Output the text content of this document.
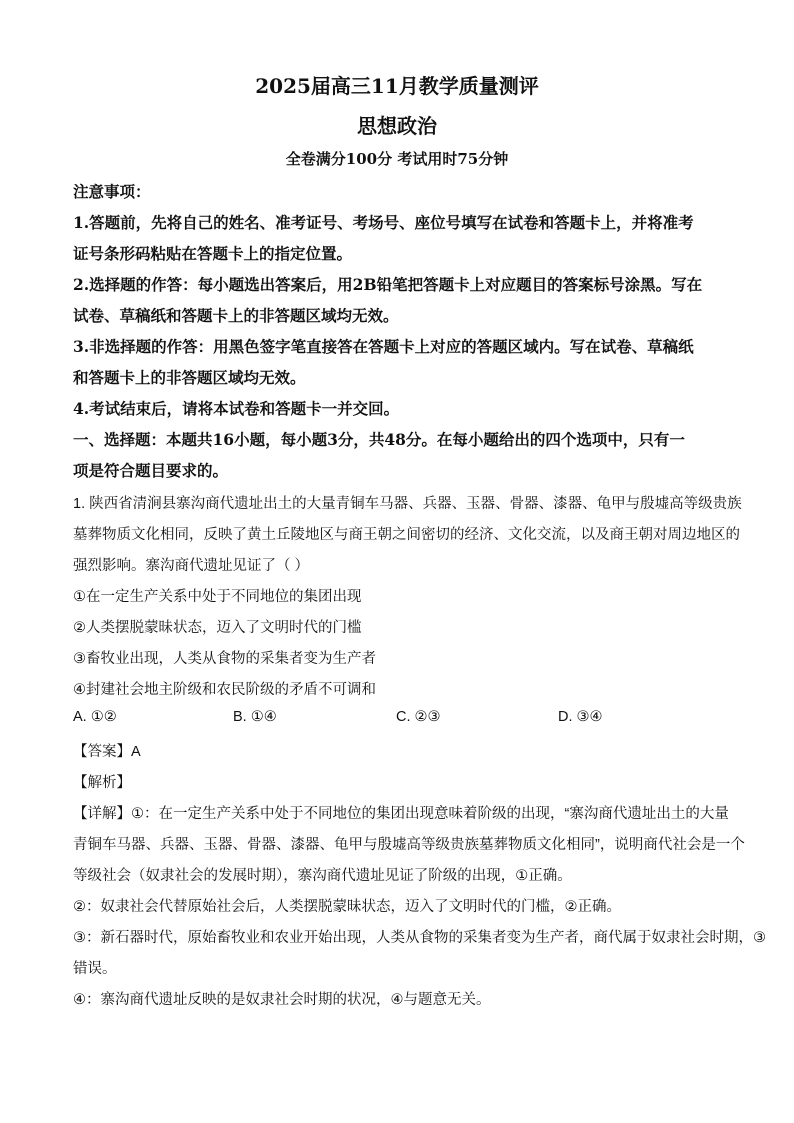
2025届高三11月教学质量测评
思想政治
全卷满分100分 考试用时75分钟
注意事项：
1.答题前，先将自己的姓名、准考证号、考场号、座位号填写在试卷和答题卡上，并将准考
证号条形码粘贴在答题卡上的指定位置。
2.选择题的作答：每小题选出答案后，用2B铅笔把答题卡上对应题目的答案标号涂黑。写在
试卷、草稿纸和答题卡上的非答题区域均无效。
3.非选择题的作答：用黑色签字笔直接答在答题卡上对应的答题区域内。写在试卷、草稿纸
和答题卡上的非答题区域均无效。
4.考试结束后，请将本试卷和答题卡一并交回。
一、选择题：本题共16小题，每小题3分，共48分。在每小题给出的四个选项中，只有一
项是符合题目要求的。
1. 陕西省清涧县寨沟商代遗址出土的大量青铜车马器、兵器、玉器、骨器、漆器、龟甲与殷墟高等级贵族
墓葬物质文化相同，反映了黄土丘陵地区与商王朝之间密切的经济、文化交流，以及商王朝对周边地区的
强烈影响。寨沟商代遗址见证了（ ）
①在一定生产关系中处于不同地位的集团出现
②人类摆脱蒙昧状态，迈入了文明时代的门槛
③畜牧业出现，人类从食物的采集者变为生产者
④封建社会地主阶级和农民阶级的矛盾不可调和
A. ①②	B. ①④	C. ②③	D. ③④
【答案】A
【解析】
【详解】①：在一定生产关系中处于不同地位的集团出现意味着阶级的出现，“寨沟商代遗址出土的大量
青铜车马器、兵器、玉器、骨器、漆器、龟甲与殷墟高等级贵族墓葬物质文化相同”，说明商代社会是一个
等级社会（奴隶社会的发展时期），寨沟商代遗址见证了阶级的出现，①正确。
②：奴隶社会代替原始社会后，人类摆脱蒙昧状态，迈入了文明时代的门槛，②正确。
③：新石器时代，原始畜牧业和农业开始出现，人类从食物的采集者变为生产者，商代属于奴隶社会时期，③
错误。
④：寨沟商代遗址反映的是奴隶社会时期的状况，④与题意无关。
